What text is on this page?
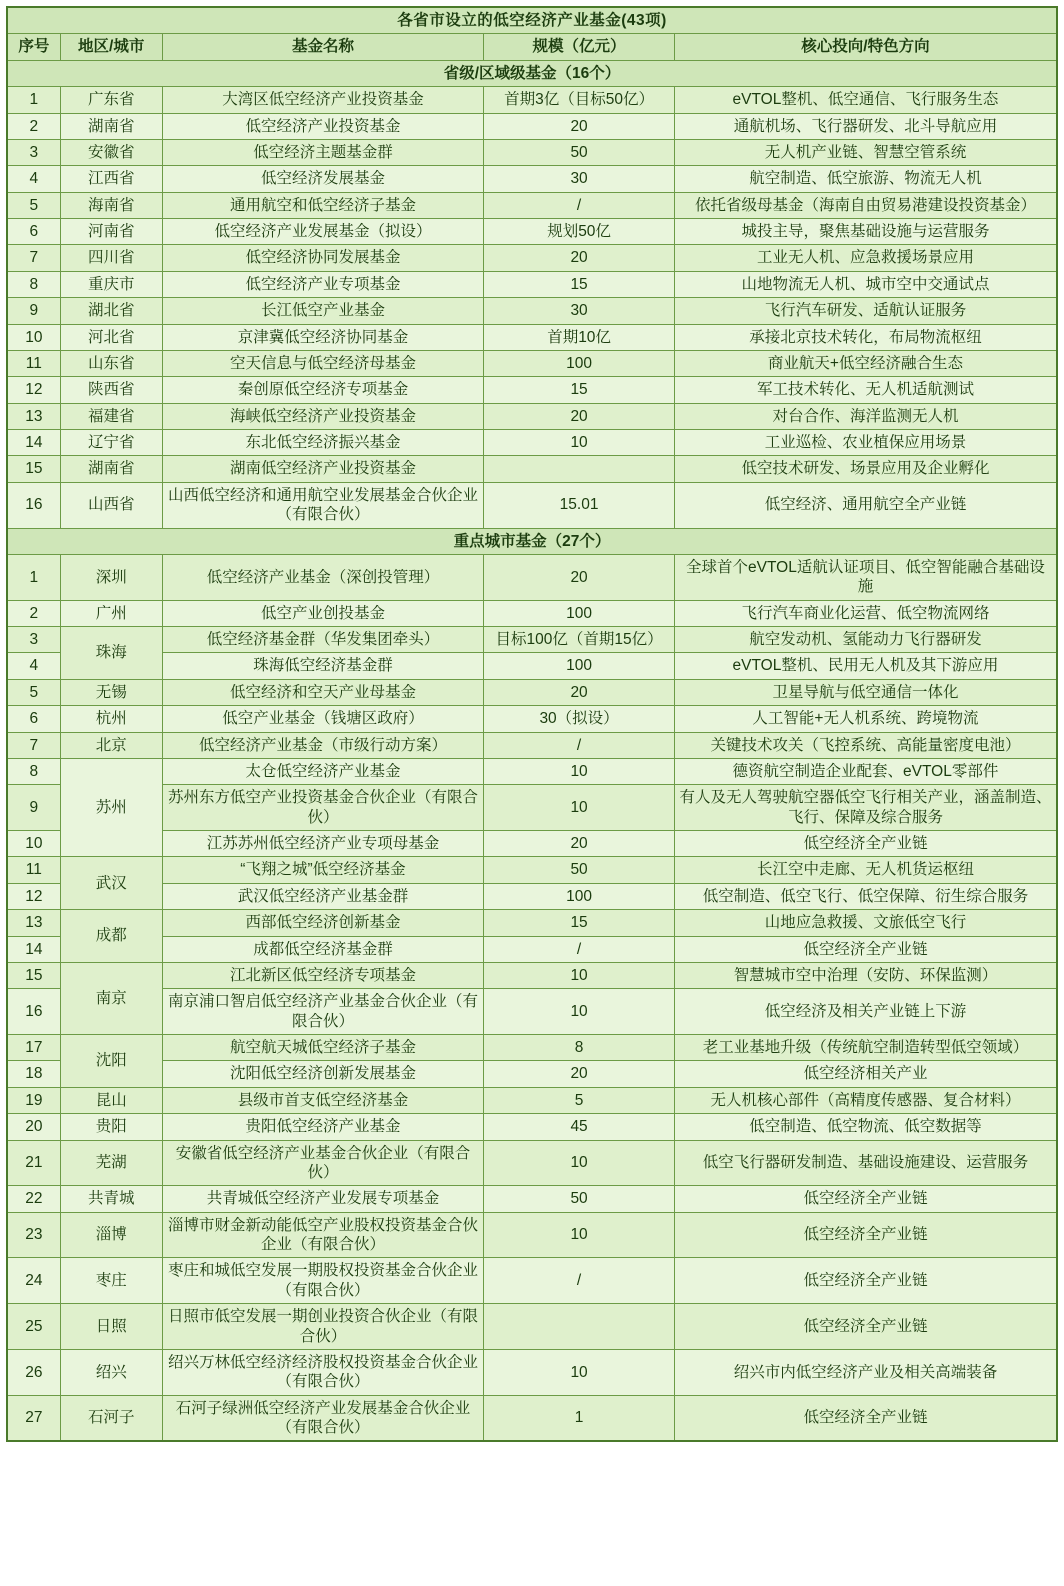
各省市设立的低空经济产业基金(43项)				
序号	地区/城市	基金名称	规模（亿元）	核心投向/特色方向
省级/区域级基金（16个）				
1	广东省	大湾区低空经济产业投资基金	首期3亿（目标50亿）	eVTOL整机、低空通信、飞行服务生态
2	湖南省	低空经济产业投资基金	20	通航机场、飞行器研发、北斗导航应用
3	安徽省	低空经济主题基金群	50	无人机产业链、智慧空管系统
4	江西省	低空经济发展基金	30	航空制造、低空旅游、物流无人机
5	海南省	通用航空和低空经济子基金	/	依托省级母基金（海南自由贸易港建设投资基金）
6	河南省	低空经济产业发展基金（拟设）	规划50亿	城投主导，聚焦基础设施与运营服务
7	四川省	低空经济协同发展基金	20	工业无人机、应急救援场景应用
8	重庆市	低空经济产业专项基金	15	山地物流无人机、城市空中交通试点
9	湖北省	长江低空产业基金	30	飞行汽车研发、适航认证服务
10	河北省	京津冀低空经济协同基金	首期10亿	承接北京技术转化，布局物流枢纽
11	山东省	空天信息与低空经济母基金	100	商业航天+低空经济融合生态
12	陕西省	秦创原低空经济专项基金	15	军工技术转化、无人机适航测试
13	福建省	海峡低空经济产业投资基金	20	对台合作、海洋监测无人机
14	辽宁省	东北低空经济振兴基金	10	工业巡检、农业植保应用场景
15	湖南省	湖南低空经济产业投资基金		低空技术研发、场景应用及企业孵化
16	山西省	山西低空经济和通用航空业发展基金合伙企业（有限合伙）	15.01	低空经济、通用航空全产业链
重点城市基金（27个）				
1	深圳	低空经济产业基金（深创投管理）	20	全球首个eVTOL适航认证项目、低空智能融合基础设施
2	广州	低空产业创投基金	100	飞行汽车商业化运营、低空物流网络
3	珠海	低空经济基金群（华发集团牵头）	目标100亿（首期15亿）	航空发动机、氢能动力飞行器研发
4		珠海低空经济基金群	100	eVTOL整机、民用无人机及其下游应用
5	无锡	低空经济和空天产业母基金	20	卫星导航与低空通信一体化
6	杭州	低空产业基金（钱塘区政府）	30（拟设）	人工智能+无人机系统、跨境物流
7	北京	低空经济产业基金（市级行动方案）	/	关键技术攻关（飞控系统、高能量密度电池）
8	苏州	太仓低空经济产业基金	10	德资航空制造企业配套、eVTOL零部件
9		苏州东方低空产业投资基金合伙企业（有限合伙）	10	有人及无人驾驶航空器低空飞行相关产业，涵盖制造、飞行、保障及综合服务
10		江苏苏州低空经济产业专项母基金	20	低空经济全产业链
11	武汉	“飞翔之城”低空经济基金	50	长江空中走廊、无人机货运枢纽
12		武汉低空经济产业基金群	100	低空制造、低空飞行、低空保障、衍生综合服务
13	成都	西部低空经济创新基金	15	山地应急救援、文旅低空飞行
14		成都低空经济基金群	/	低空经济全产业链
15	南京	江北新区低空经济专项基金	10	智慧城市空中治理（安防、环保监测）
16		南京浦口智启低空经济产业基金合伙企业（有限合伙）	10	低空经济及相关产业链上下游
17	沈阳	航空航天城低空经济子基金	8	老工业基地升级（传统航空制造转型低空领域）
18		沈阳低空经济创新发展基金	20	低空经济相关产业
19	昆山	县级市首支低空经济基金	5	无人机核心部件（高精度传感器、复合材料）
20	贵阳	贵阳低空经济产业基金	45	低空制造、低空物流、低空数据等
21	芜湖	安徽省低空经济产业基金合伙企业（有限合伙）	10	低空飞行器研发制造、基础设施建设、运营服务
22	共青城	共青城低空经济产业发展专项基金	50	低空经济全产业链
23	淄博	淄博市财金新动能低空产业股权投资基金合伙企业（有限合伙）	10	低空经济全产业链
24	枣庄	枣庄和城低空发展一期股权投资基金合伙企业（有限合伙）	/	低空经济全产业链
25	日照	日照市低空发展一期创业投资合伙企业（有限合伙）		低空经济全产业链
26	绍兴	绍兴万林低空经济经济股权投资基金合伙企业（有限合伙）	10	绍兴市内低空经济产业及相关高端装备
27	石河子	石河子绿洲低空经济产业发展基金合伙企业（有限合伙）	1	低空经济全产业链
